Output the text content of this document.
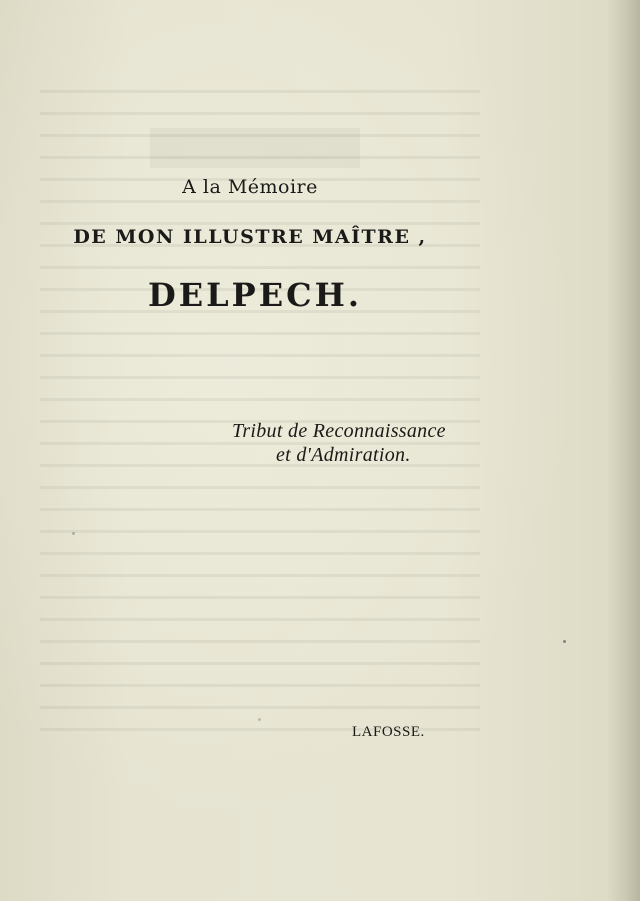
A la Mémoire
DE MON ILLUSTRE MAÎTRE ,
DELPECH.
Tribut de Reconnaissance
et d'Admiration.
LAFOSSE.
